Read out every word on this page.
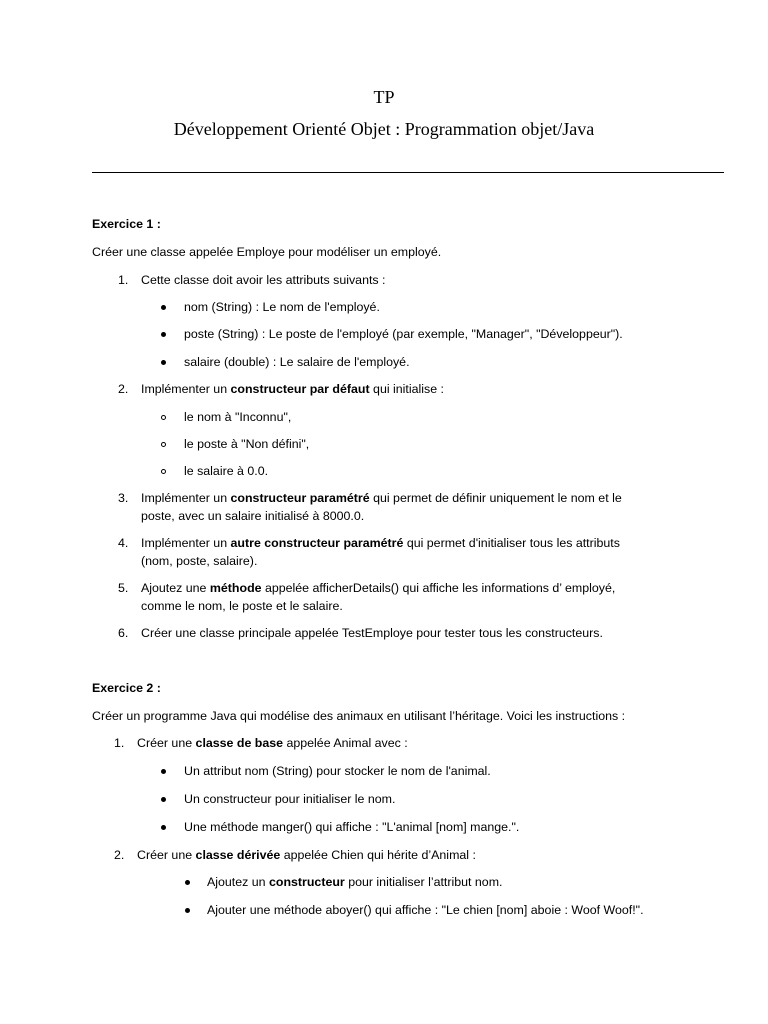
TP
Développement Orienté Objet : Programmation objet/Java
Exercice 1 :
Créer une classe appelée Employe pour modéliser un employé.
1. Cette classe doit avoir les attributs suivants :
nom (String) : Le nom de l'employé.
poste (String) : Le poste de l'employé (par exemple, "Manager", "Développeur").
salaire (double) : Le salaire de l'employé.
2. Implémenter un constructeur par défaut qui initialise :
le nom à "Inconnu",
le poste à "Non défini",
le salaire à 0.0.
3. Implémenter un constructeur paramétré qui permet de définir uniquement le nom et le
poste, avec un salaire initialisé à 8000.0.
4. Implémenter un autre constructeur paramétré qui permet d'initialiser tous les attributs
(nom, poste, salaire).
5. Ajoutez une méthode appelée afficherDetails() qui affiche les informations d’ employé,
comme le nom, le poste et le salaire.
6. Créer une classe principale appelée TestEmploye pour tester tous les constructeurs.
Exercice 2 :
Créer un programme Java qui modélise des animaux en utilisant l’héritage. Voici les instructions :
1. Créer une classe de base appelée Animal avec :
Un attribut nom (String) pour stocker le nom de l'animal.
Un constructeur pour initialiser le nom.
Une méthode manger() qui affiche : "L'animal [nom] mange.".
2. Créer une classe dérivée appelée Chien qui hérite d’Animal :
Ajoutez un constructeur pour initialiser l’attribut nom.
Ajouter une méthode aboyer() qui affiche : "Le chien [nom] aboie : Woof Woof!".
